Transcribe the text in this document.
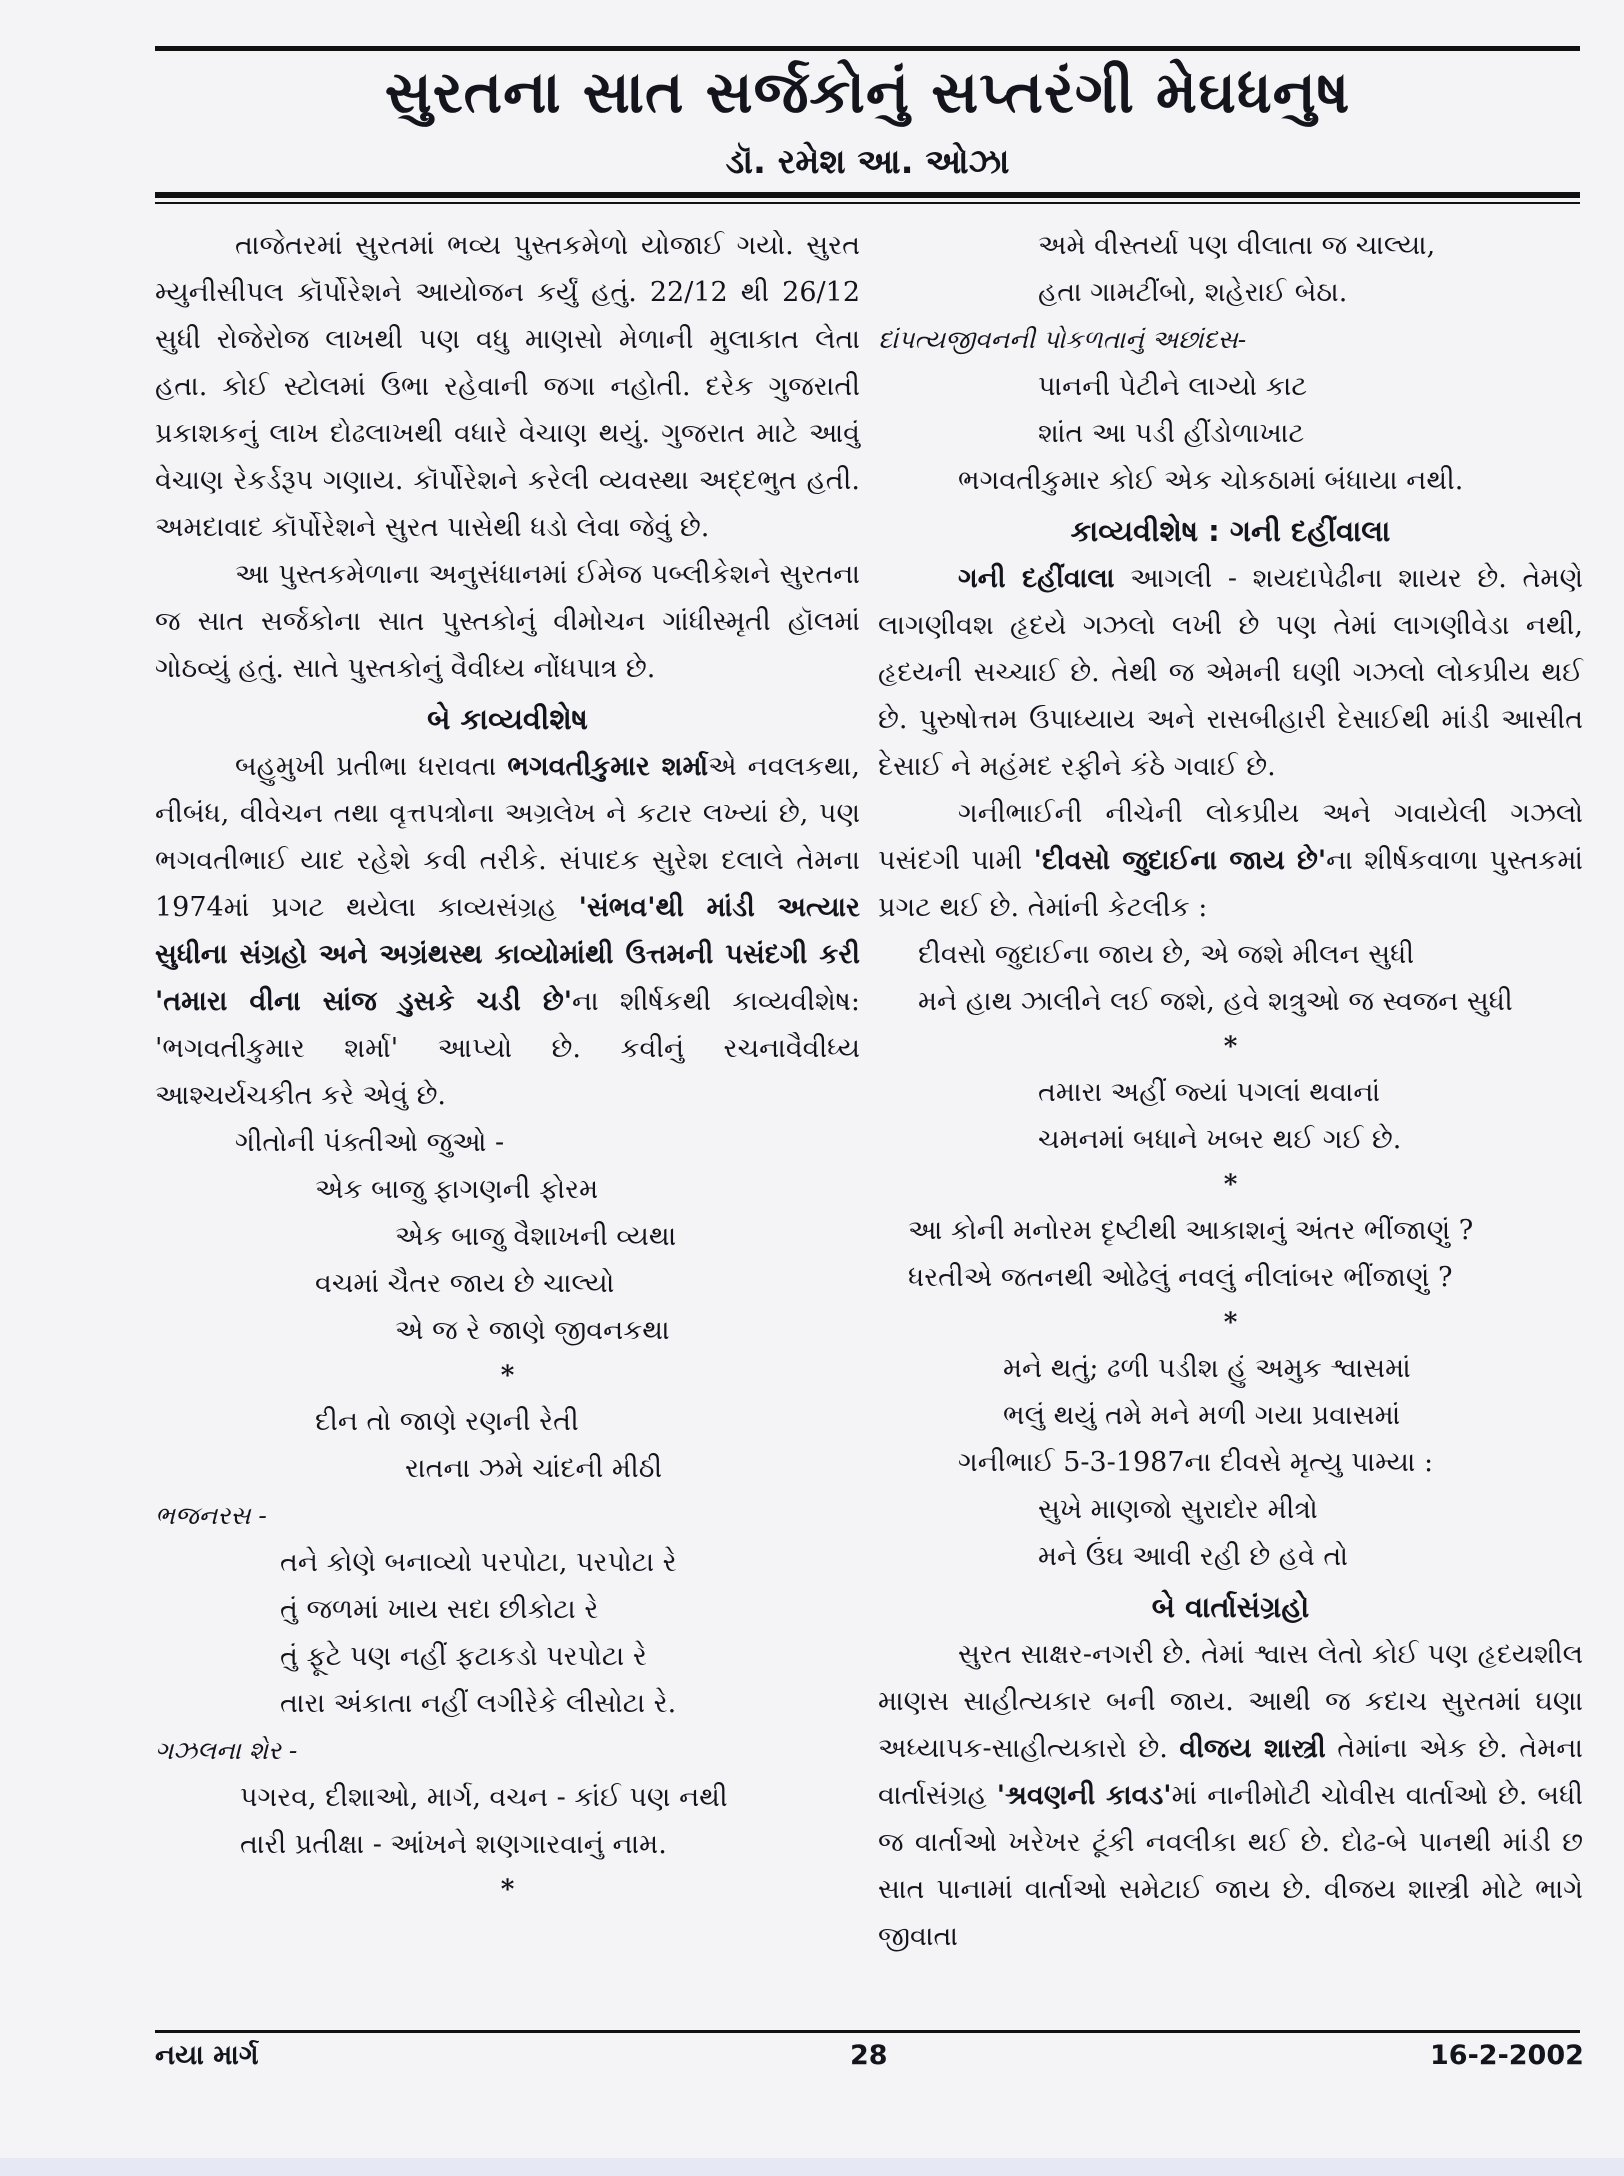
સુરતના સાત સર્જકોનું સપ્તરંગી મેઘધનુષ
ડૉ. રમેશ આ. ઓઝા

તાજેતરમાં સુરતમાં ભવ્ય પુસ્તકમેળો યોજાઈ ગયો. સુરત મ્યુનીસીપલ કૉર્પોરેશને આયોજન કર્યું હતું. 22/12 થી 26/12 સુધી રોજેરોજ લાખથી પણ વધુ માણસો મેળાની મુલાકાત લેતા હતા. કોઈ સ્ટોલમાં ઉભા રહેવાની જગા નહોતી. દરેક ગુજરાતી પ્રકાશકનું લાખ દોઢલાખથી વધારે વેચાણ થયું. ગુજરાત માટે આવું વેચાણ રેકર્ડરૂપ ગણાય. કૉર્પોરેશને કરેલી વ્યવસ્થા અદ્દભુત હતી. અમદાવાદ કૉર્પોરેશને સુરત પાસેથી ધડો લેવા જેવું છે.

આ પુસ્તકમેળાના અનુસંધાનમાં ઈમેજ પબ્લીકેશને સુરતના જ સાત સર્જકોના સાત પુસ્તકોનું વીમોચન ગાંધીસ્મૃતી હૉલમાં ગોઠવ્યું હતું. સાતે પુસ્તકોનું વૈવીધ્ય નોંધપાત્ર છે.

બે કાવ્યવીશેષ

બહુમુખી પ્રતીભા ધરાવતા ભગવતીકુમાર શર્માએ નવલકથા, નીબંધ, વીવેચન તથા વૃત્તપત્રોના અગ્રલેખ ને કટાર લખ્યાં છે, પણ ભગવતીભાઈ યાદ રહેશે કવી તરીકે. સંપાદક સુરેશ દલાલે તેમના 1974માં પ્રગટ થયેલા કાવ્યસંગ્રહ 'સંભવ'થી માંડી અત્યાર સુધીના સંગ્રહો અને અગ્રંથસ્થ કાવ્યોમાંથી ઉત્તમની પસંદગી કરી 'તમારા વીના સાંજ ડુસકે ચડી છે'ના શીર્ષકથી કાવ્યવીશેષ: 'ભગવતીકુમાર શર્મા' આપ્યો છે. કવીનું રચનાવૈવીધ્ય આશ્ચર્યચકીત કરે એવું છે.

ગીતોની પંક્તીઓ જુઓ -

એક બાજુ ફાગણની ફોરમ

એક બાજુ વૈશાખની વ્યથા

વચમાં ચૈતર જાય છે ચાલ્યો

એ જ રે જાણે જીવનકથા

*

દીન તો જાણે રણની રેતી

રાતના ઝમે ચાંદની મીઠી

ભજનરસ -

તને કોણે બનાવ્યો પરપોટા, પરપોટા રે

તું જળમાં ખાય સદા છીકોટા રે

તું ફૂટે પણ નહીં ફટાકડો પરપોટા રે

તારા અંકાતા નહીં લગીરેકે લીસોટા રે.

ગઝલના શેર -

પગરવ, દીશાઓ, માર્ગ, વચન - કાંઈ પણ નથી

તારી પ્રતીક્ષા - આંખને શણગારવાનું નામ.

*

અમે વીસ્તર્યા પણ વીલાતા જ ચાલ્યા,

હતા ગામટીંબો, શહેરાઈ બેઠા.

દાંપત્યજીવનની પોકળતાનું અછાંદસ-

પાનની પેટીને લાગ્યો કાટ

શાંત આ પડી હીંડોળાખાટ

ભગવતીકુમાર કોઈ એક ચોકઠામાં બંધાયા નથી.

કાવ્યવીશેષ : ગની દહીંવાલા

ગની દહીંવાલા આગલી - શયદાપેઢીના શાયર છે. તેમણે લાગણીવશ હૃદયે ગઝલો લખી છે પણ તેમાં લાગણીવેડા નથી, હૃદયની સચ્ચાઈ છે. તેથી જ એમની ઘણી ગઝલો લોકપ્રીય થઈ છે. પુરુષોત્તમ ઉપાધ્યાય અને રાસબીહારી દેસાઈથી માંડી આસીત દેસાઈ ને મહંમદ રફીને કંઠે ગવાઈ છે.

ગનીભાઈની નીચેની લોકપ્રીય અને ગવાયેલી ગઝલો પસંદગી પામી 'દીવસો જુદાઈના જાય છે'ના શીર્ષકવાળા પુસ્તકમાં પ્રગટ થઈ છે. તેમાંની કેટલીક :

દીવસો જુદાઈના જાય છે, એ જશે મીલન સુધી

મને હાથ ઝાલીને લઈ જશે, હવે શત્રુઓ જ સ્વજન સુધી

*

તમારા અહીં જ્યાં પગલાં થવાનાં

ચમનમાં બધાને ખબર થઈ ગઈ છે.

*

આ કોની મનોરમ દૃષ્ટીથી આકાશનું અંતર ભીંજાણું ?

ધરતીએ જતનથી ઓઢેલું નવલું નીલાંબર ભીંજાણું ?

*

મને થતું; ઢળી પડીશ હું અમુક શ્વાસમાં

ભલું થયું તમે મને મળી ગયા પ્રવાસમાં

ગનીભાઈ 5-3-1987ના દીવસે મૃત્યુ પામ્યા :

સુખે માણજો સુરાદોર મીત્રો

મને ઉંઘ આવી રહી છે હવે તો

બે વાર્તાસંગ્રહો

સુરત સાક્ષર-નગરી છે. તેમાં શ્વાસ લેતો કોઈ પણ હૃદયશીલ માણસ સાહીત્યકાર બની જાય. આથી જ કદાચ સુરતમાં ઘણા અધ્યાપક-સાહીત્યકારો છે. વીજય શાસ્ત્રી તેમાંના એક છે. તેમના વાર્તાસંગ્રહ 'શ્રવણની કાવડ'માં નાનીમોટી ચોવીસ વાર્તાઓ છે. બધી જ વાર્તાઓ ખરેખર ટૂંકી નવલીકા થઈ છે. દોઢ-બે પાનથી માંડી છ સાત પાનામાં વાર્તાઓ સમેટાઈ જાય છે. વીજય શાસ્ત્રી મોટે ભાગે જીવાતા

નયા માર્ગ	28	16-2-2002
